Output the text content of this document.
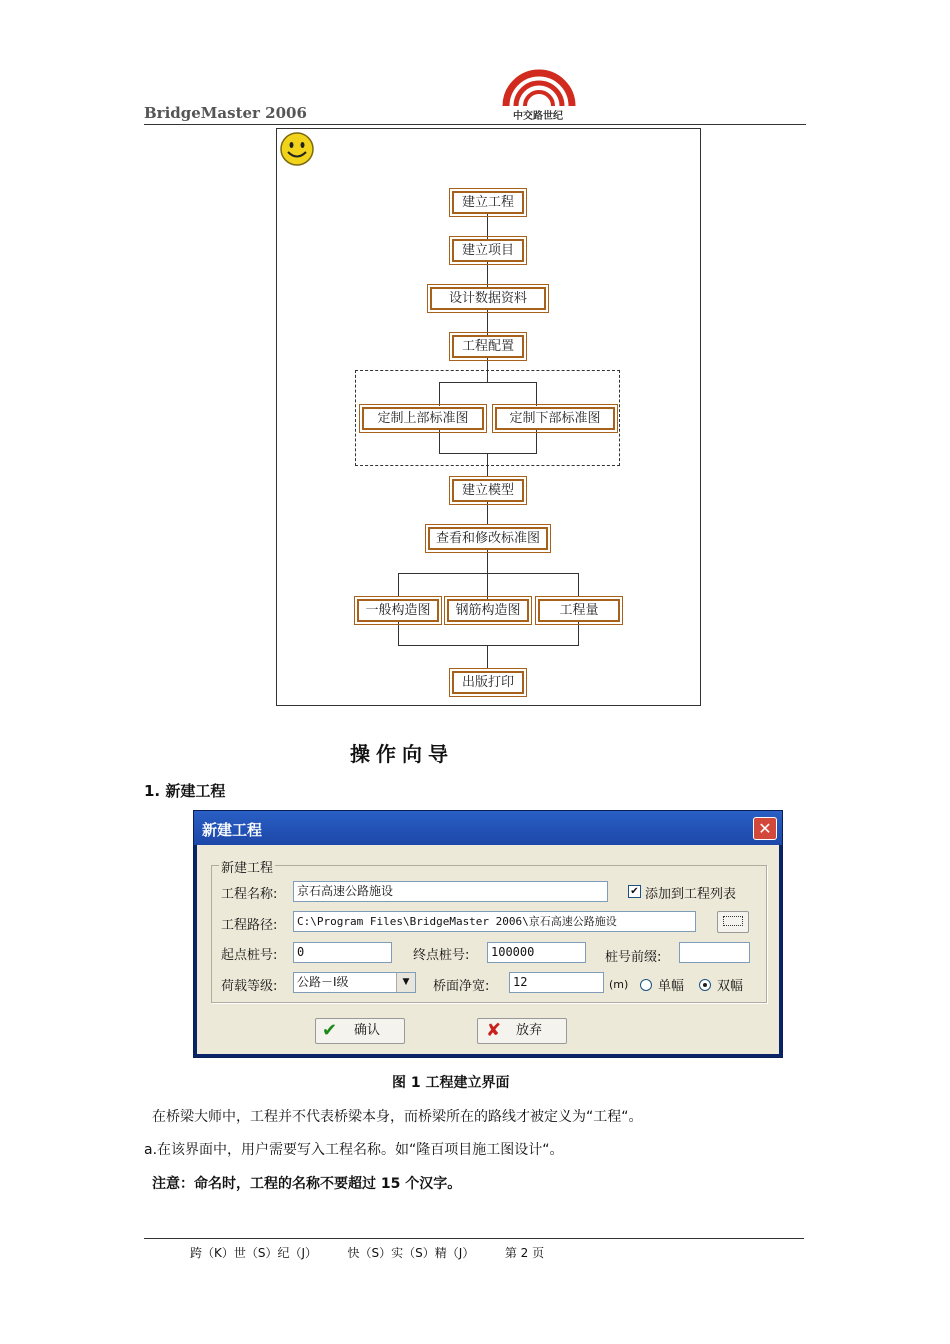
BridgeMaster 2006	中交路世纪
建立工程
建立项目
设计数据资料
工程配置
定制上部标准图	定制下部标准图
建立模型
查看和修改标准图
一般构造图	钢筋构造图	工程量
出版打印
操作向导
1. 新建工程
新建工程	✕
新建工程
工程名称:	京石高速公路施设	✔ 添加到工程列表
工程路径:	C:\Program Files\BridgeMaster 2006\京石高速公路施设
起点桩号:	0	终点桩号:	100000	桩号前缀:
荷载等级:	公路－Ⅰ级	▼	桥面净宽:	12	(m) 单幅	双幅
✔ 确认	✘ 放弃
图 1 工程建立界面
在桥梁大师中，工程并不代表桥梁本身，而桥梁所在的路线才被定义为“工程“。
a.在该界面中，用户需要写入工程名称。如“隆百项目施工图设计“。
注意：命名时，工程的名称不要超过 15 个汉字。
跨（K）世（S）纪（J）        快（S）实（S）精（J）        第 2 页
